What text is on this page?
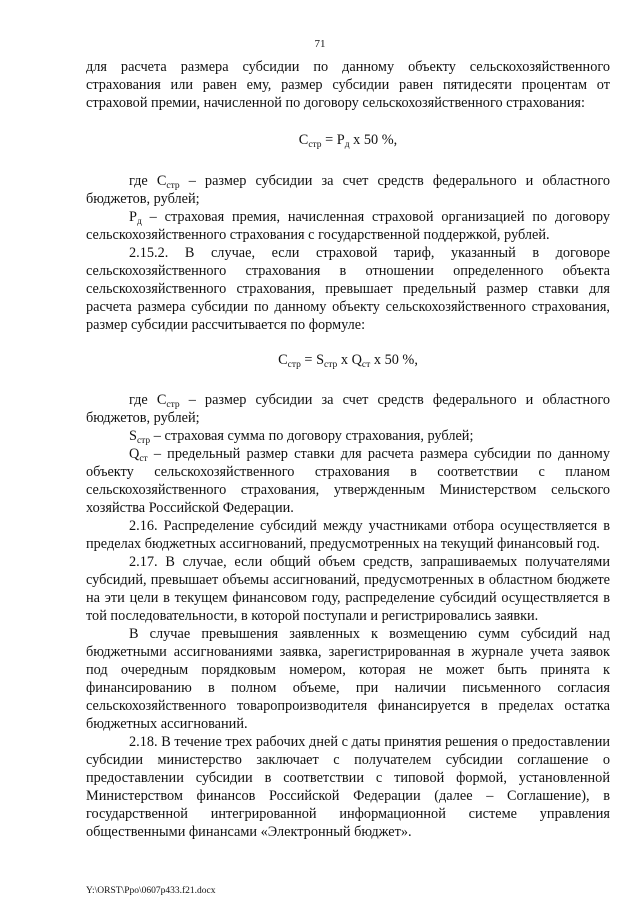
71

для расчета размера субсидии по данному объекту сельскохозяйственного страхования или равен ему, размер субсидии равен пятидесяти процентам от страховой премии, начисленной по договору сельскохозяйственного страхования:

$С_{стр} = Р_д$ х 50 %,

где $С_{стр}$ – размер субсидии за счет средств федерального и областного бюджетов, рублей;

$Р_д$ – страховая премия, начисленная страховой организацией по договору сельскохозяйственного страхования с государственной поддержкой, рублей.

2.15.2. В случае, если страховой тариф, указанный в договоре сельскохозяйственного страхования в отношении определенного объекта сельскохозяйственного страхования, превышает предельный размер ставки для расчета размера субсидии по данному объекту сельскохозяйственного страхования, размер субсидии рассчитывается по формуле:

$С_{стр} = S_{стр}$ х $Q_{ст}$ х 50 %,

где $С_{стр}$ – размер субсидии за счет средств федерального и областного бюджетов, рублей;

$S_{стр}$ – страховая сумма по договору страхования, рублей;

$Q_{ст}$ – предельный размер ставки для расчета размера субсидии по данному объекту сельскохозяйственного страхования в соответствии с планом сельскохозяйственного страхования, утвержденным Министерством сельского хозяйства Российской Федерации.

2.16. Распределение субсидий между участниками отбора осуществляется в пределах бюджетных ассигнований, предусмотренных на текущий финансовый год.

2.17. В случае, если общий объем средств, запрашиваемых получателями субсидий, превышает объемы ассигнований, предусмотренных в областном бюджете на эти цели в текущем финансовом году, распределение субсидий осуществляется в той последовательности, в которой поступали и регистрировались заявки.

В случае превышения заявленных к возмещению сумм субсидий над бюджетными ассигнованиями заявка, зарегистрированная в журнале учета заявок под очередным порядковым номером, которая не может быть принята к финансированию в полном объеме, при наличии письменного согласия сельскохозяйственного товаропроизводителя финансируется в пределах остатка бюджетных ассигнований.

2.18. В течение трех рабочих дней с даты принятия решения о предоставлении субсидии министерство заключает с получателем субсидии соглашение о предоставлении субсидии в соответствии с типовой формой, установленной Министерством финансов Российской Федерации (далее – Соглашение), в государственной интегрированной информационной системе управления общественными финансами «Электронный бюджет».

Y:\ORST\Ppo\0607p433.f21.docx
